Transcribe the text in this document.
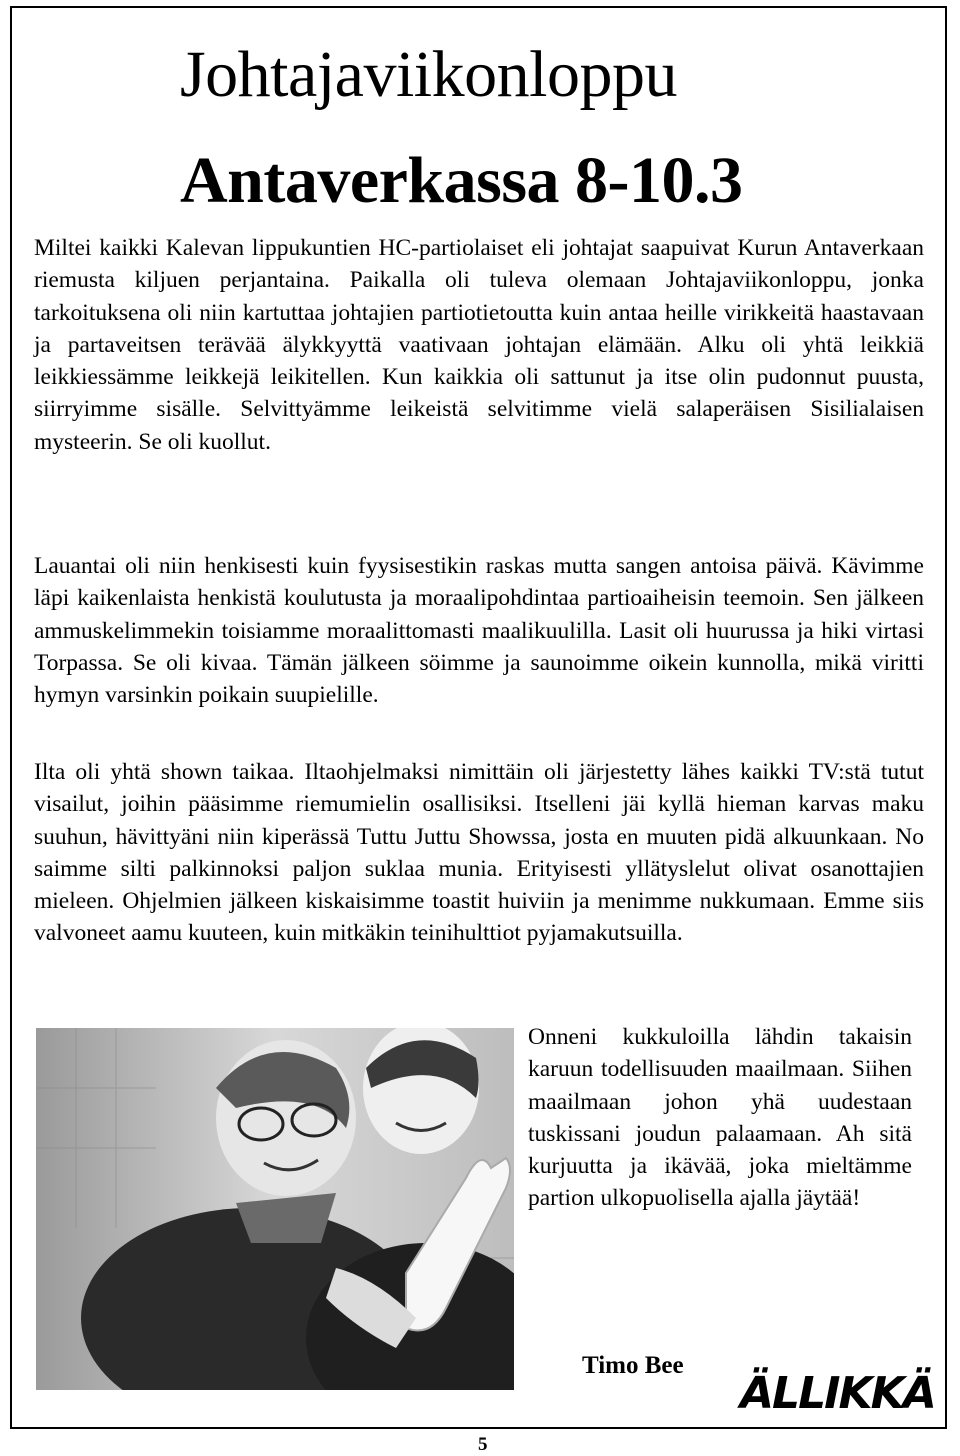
Johtajaviikonloppu
Antaverkassa 8-10.3

Miltei kaikki Kalevan lippukuntien HC-partiolaiset eli johtajat saapuivat Kurun Antaverkaan riemusta kiljuen perjantaina. Paikalla oli tuleva olemaan Johtajaviikonloppu, jonka tarkoituksena oli niin kartuttaa johtajien partiotietoutta kuin antaa heille virikkeitä haastavaan ja partaveitsen terävää älykkyyttä vaativaan johtajan elämään. Alku oli yhtä leikkiä leikkiessämme leikkejä leikitellen. Kun kaikkia oli sattunut ja itse olin pudonnut puusta, siirryimme sisälle. Selvittyämme leikeistä selvitimme vielä salaperäisen Sisilialaisen mysteerin. Se oli kuollut.

Lauantai oli niin henkisesti kuin fyysisestikin raskas mutta sangen antoisa päivä. Kävimme läpi kaikenlaista henkistä koulutusta ja moraalipohdintaa partioaiheisin teemoin. Sen jälkeen ammuskelimmekin toisiamme moraalittomasti maalikuulilla. Lasit oli huurussa ja hiki virtasi Torpassa. Se oli kivaa. Tämän jälkeen söimme ja saunoimme oikein kunnolla, mikä viritti hymyn varsinkin poikain suupielille.

Ilta oli yhtä shown taikaa. Iltaohjelmaksi nimittäin oli järjestetty lähes kaikki TV:stä tutut visailut, joihin pääsimme riemumielin osallisiksi. Itselleni jäi kyllä hieman karvas maku suuhun, hävittyäni niin kiperässä Tuttu Juttu Showssa, josta en muuten pidä alkuunkaan. No saimme silti palkinnoksi paljon suklaa munia. Erityisesti yllätyslelut olivat osanottajien mieleen. Ohjelmien jälkeen kiskaisimme toastit huiviin ja menimme nukkumaan. Emme siis valvoneet aamu kuuteen, kuin mitkäkin teinihulttiot pyjamakutsuilla.

Onneni kukkuloilla lähdin takaisin karuun todellisuuden maailmaan. Siihen maailmaan johon yhä uudestaan tuskissani joudun palaamaan. Ah sitä kurjuutta ja ikävää, joka mieltämme partion ulkopuolisella ajalla jäytää!

Timo Bee
ÄLLIKKÄ
5
